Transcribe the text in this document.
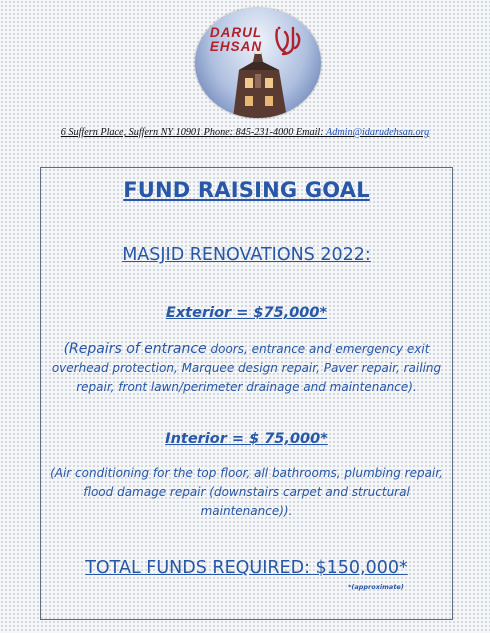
DARUL
EHSAN
6 Suffern Place, Suffern NY 10901 Phone: 845-231-4000 Email: Admin@idarudehsan.org
FUND RAISING GOAL
MASJID RENOVATIONS 2022:
Exterior = $75,000*
(Repairs of entrance doors, entrance and emergency exit overhead protection, Marquee design repair, Paver repair, railing repair, front lawn/perimeter drainage and maintenance).
Interior = $ 75,000*
(Air conditioning for the top floor, all bathrooms, plumbing repair, flood damage repair (downstairs carpet and structural maintenance)).
TOTAL FUNDS REQUIRED: $150,000*
*(approximate)
